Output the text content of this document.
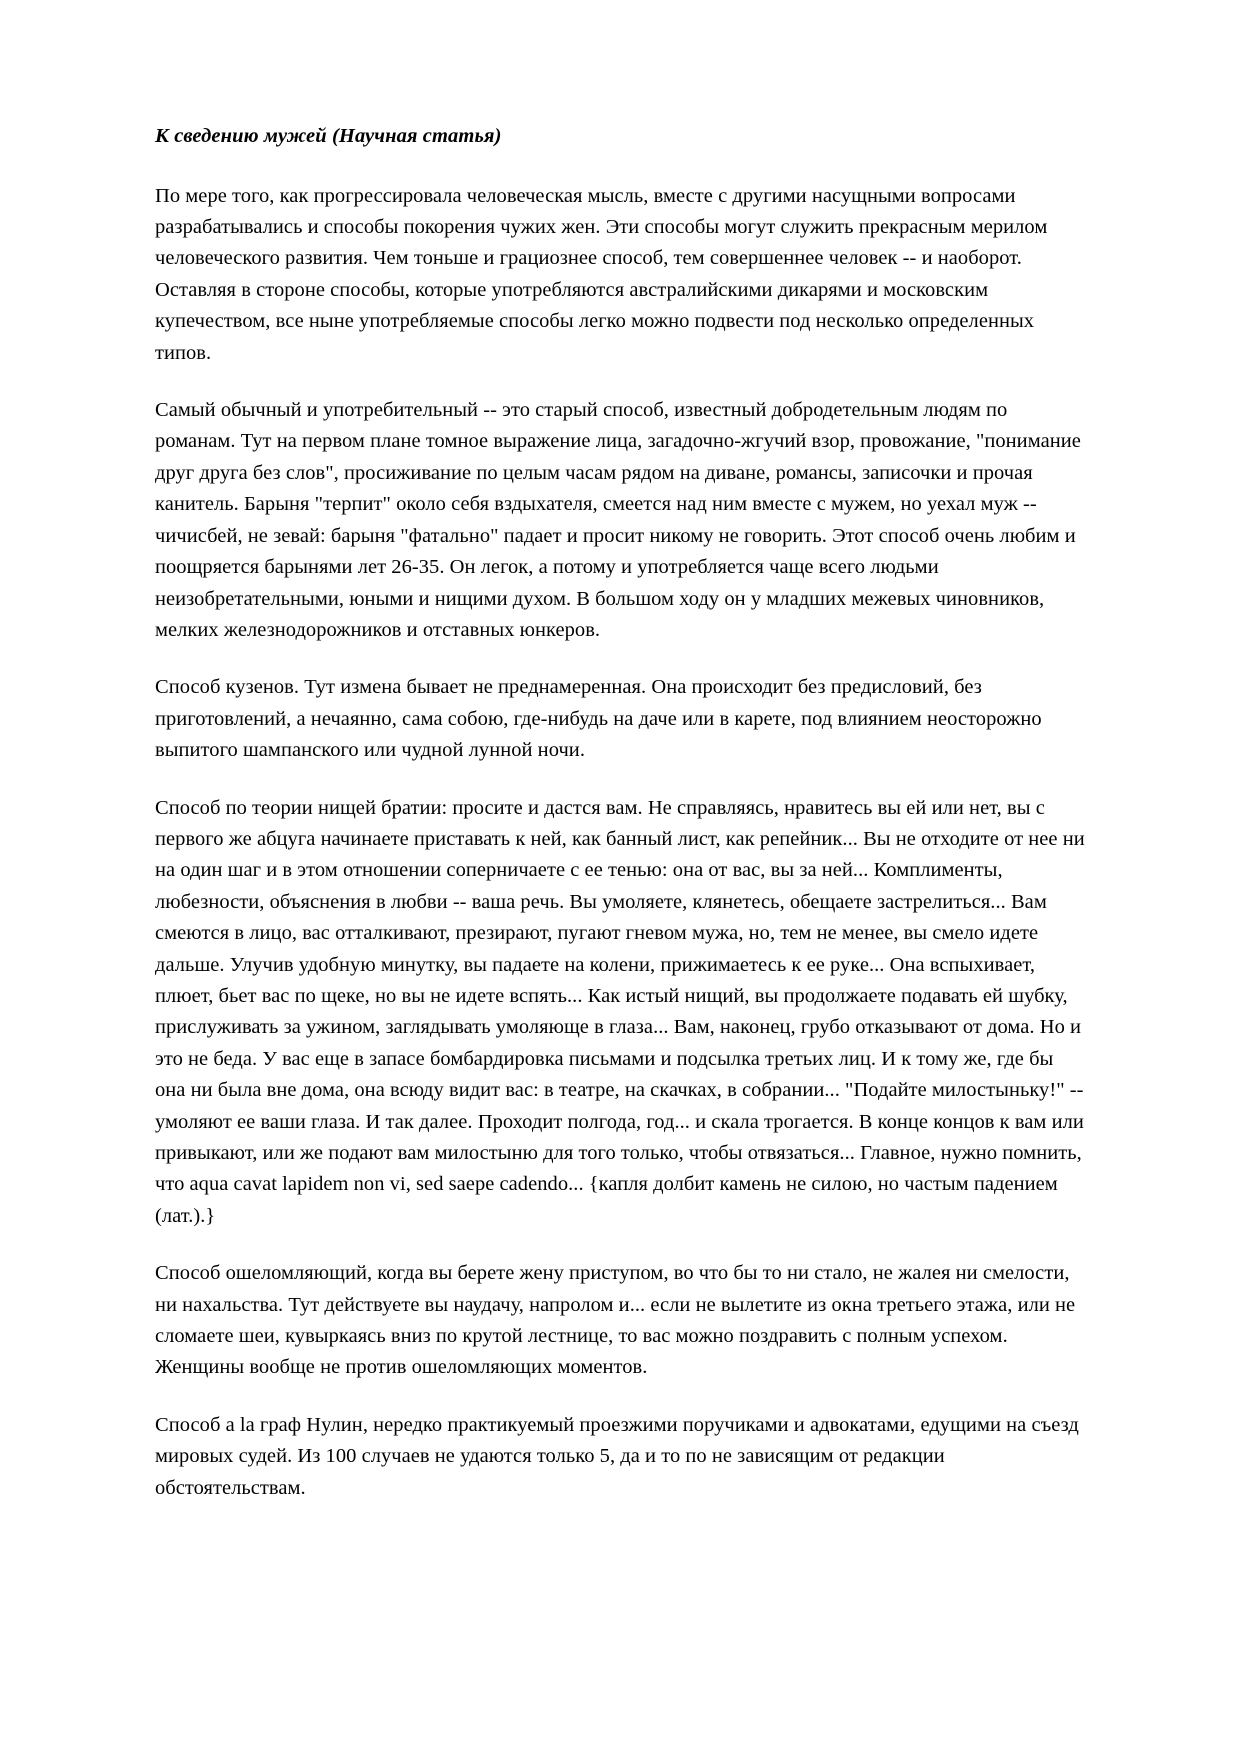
К сведению мужей (Научная статья)

По мере того, как прогрессировала человеческая мысль, вместе с другими насущными вопросами разрабатывались и способы покорения чужих жен. Эти способы могут служить прекрасным мерилом человеческого развития. Чем тоньше и грациознее способ, тем совершеннее человек -- и наоборот. Оставляя в стороне способы, которые употребляются австралийскими дикарями и московским купечеством, все ныне употребляемые способы легко можно подвести под несколько определенных типов.

Самый обычный и употребительный -- это старый способ, известный добродетельным людям по романам. Тут на первом плане томное выражение лица, загадочно-жгучий взор, провожание, "понимание друг друга без слов", просиживание по целым часам рядом на диване, романсы, записочки и прочая канитель. Барыня "терпит" около себя вздыхателя, смеется над ним вместе с мужем, но уехал муж -- чичисбей, не зевай: барыня "фатально" падает и просит никому не говорить. Этот способ очень любим и поощряется барынями лет 26-35. Он легок, а потому и употребляется чаще всего людьми неизобретательными, юными и нищими духом. В большом ходу он у младших межевых чиновников, мелких железнодорожников и отставных юнкеров.

Способ кузенов. Тут измена бывает не преднамеренная. Она происходит без предисловий, без приготовлений, а нечаянно, сама собою, где-нибудь на даче или в карете, под влиянием неосторожно выпитого шампанского или чудной лунной ночи.

Способ по теории нищей братии: просите и дастся вам. Не справляясь, нравитесь вы ей или нет, вы с первого же абцуга начинаете приставать к ней, как банный лист, как репейник... Вы не отходите от нее ни на один шаг и в этом отношении соперничаете с ее тенью: она от вас, вы за ней... Комплименты, любезности, объяснения в любви -- ваша речь. Вы умоляете, клянетесь, обещаете застрелиться... Вам смеются в лицо, вас отталкивают, презирают, пугают гневом мужа, но, тем не менее, вы смело идете дальше. Улучив удобную минутку, вы падаете на колени, прижимаетесь к ее руке... Она вспыхивает, плюет, бьет вас по щеке, но вы не идете вспять... Как истый нищий, вы продолжаете подавать ей шубку, прислуживать за ужином, заглядывать умоляюще в глаза... Вам, наконец, грубо отказывают от дома. Но и это не беда. У вас еще в запасе бомбардировка письмами и подсылка третьих лиц. И к тому же, где бы она ни была вне дома, она всюду видит вас: в театре, на скачках, в собрании... "Подайте милостыньку!" -- умоляют ее ваши глаза. И так далее. Проходит полгода, год... и скала трогается. В конце концов к вам или привыкают, или же подают вам милостыню для того только, чтобы отвязаться... Главное, нужно помнить, что aqua cavat lapidem non vi, sed saepe cadendo... {капля долбит камень не силою, но частым падением (лат.).}

Способ ошеломляющий, когда вы берете жену приступом, во что бы то ни стало, не жалея ни смелости, ни нахальства. Тут действуете вы наудачу, напролом и... если не вылетите из окна третьего этажа, или не сломаете шеи, кувыркаясь вниз по крутой лестнице, то вас можно поздравить с полным успехом. Женщины вообще не против ошеломляющих моментов.

Способ a la граф Нулин, нередко практикуемый проезжими поручиками и адвокатами, едущими на съезд мировых судей. Из 100 случаев не удаются только 5, да и то по не зависящим от редакции обстоятельствам.
